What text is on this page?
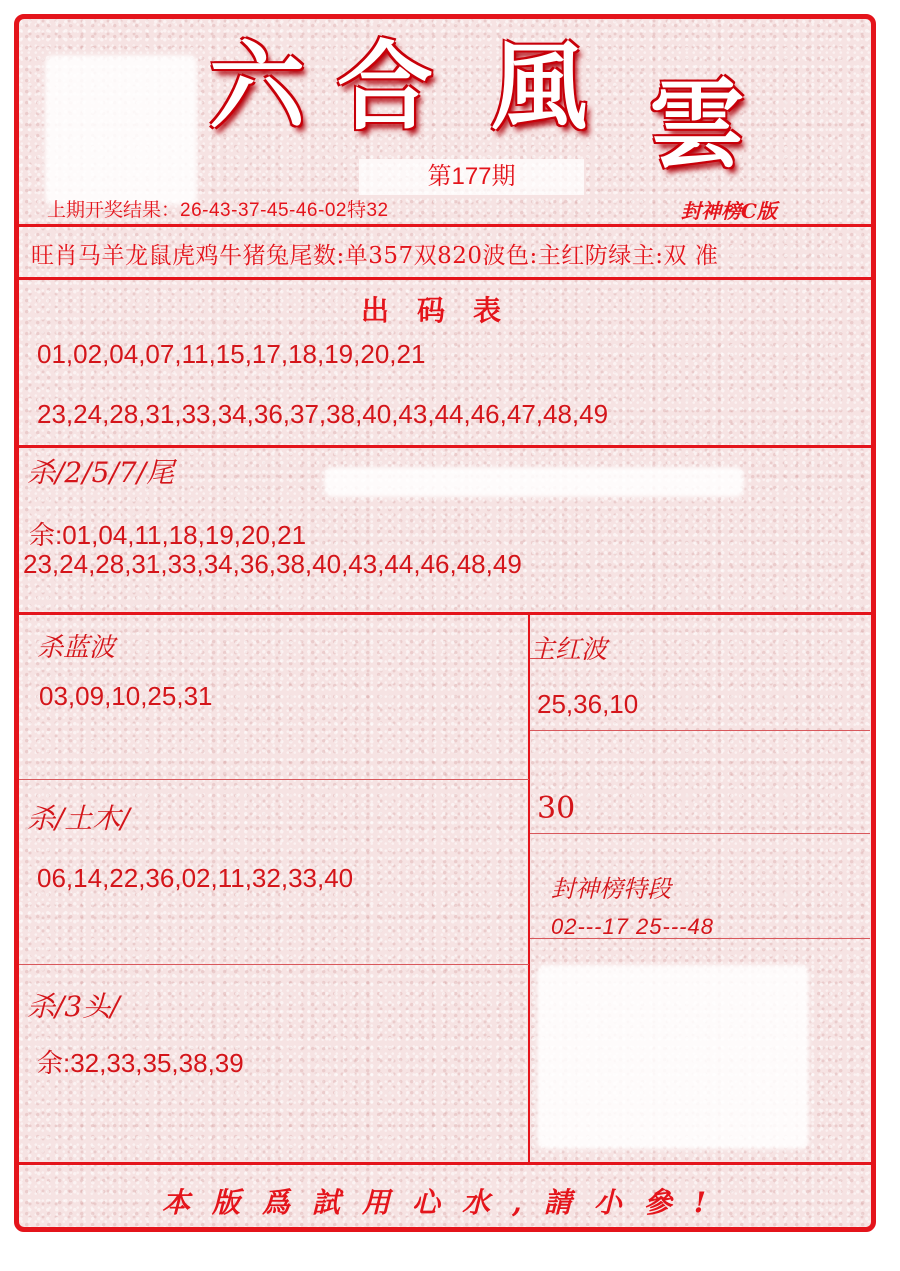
六 合 風 雲
第177期
上期开奖结果：26-43-37-45-46-02特32	封神榜C版
旺肖马羊龙鼠虎鸡牛猪兔尾数:单357双820波色:主红防绿主:双 准
出码表
01,02,04,07,11,15,17,18,19,20,21
23,24,28,31,33,34,36,37,38,40,43,44,46,47,48,49
杀/2/5/7/尾
余:01,04,11,18,19,20,21
23,24,28,31,33,34,36,38,40,43,44,46,48,49
杀蓝波
03,09,10,25,31
主红波
25,36,10
30
杀/土木/
06,14,22,36,02,11,32,33,40	封神榜特段
02---17 25---48
杀/3头/
余:32,33,35,38,39
本版爲試用心水,請小參!
